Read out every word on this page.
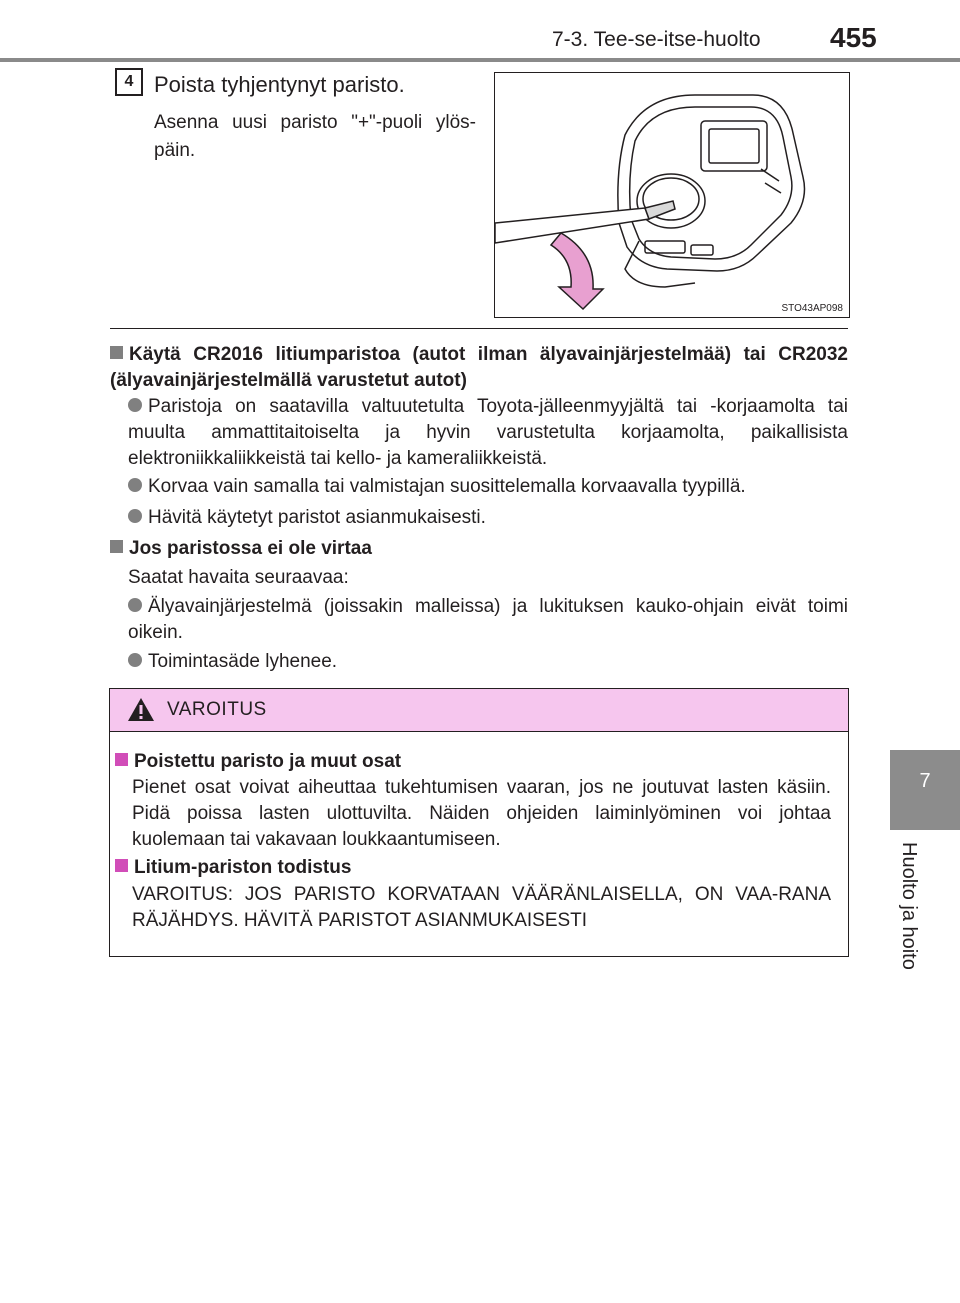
7-3. Tee-se-itse-huolto 455
7
Huolto ja hoito
4 Poista tyhjentynyt paristo.
Asenna uusi paristo "+"-puoli ylös-päin.
STO43AP098
Käytä CR2016 litiumparistoa (autot ilman älyavainjärjestelmää) tai CR2032 (älyavainjärjestelmällä varustetut autot)
Paristoja on saatavilla valtuutetulta Toyota-jälleenmyyjältä tai -korjaamolta tai muulta ammattitaitoiselta ja hyvin varustetulta korjaamolta, paikallisista elektroniikkaliikkeistä tai kello- ja kameraliikkeistä.
Korvaa vain samalla tai valmistajan suosittelemalla korvaavalla tyypillä.
Hävitä käytetyt paristot asianmukaisesti.
Jos paristossa ei ole virtaa
Saatat havaita seuraavaa:
Älyavainjärjestelmä (joissakin malleissa) ja lukituksen kauko-ohjain eivät toimi oikein.
Toimintasäde lyhenee.
VAROITUS
Poistettu paristo ja muut osat
Pienet osat voivat aiheuttaa tukehtumisen vaaran, jos ne joutuvat lasten käsiin. Pidä poissa lasten ulottuvilta. Näiden ohjeiden laiminlyöminen voi johtaa kuolemaan tai vakavaan loukkaantumiseen.
Litium-pariston todistus
VAROITUS: JOS PARISTO KORVATAAN VÄÄRÄNLAISELLA, ON VAA-RANA RÄJÄHDYS. HÄVITÄ PARISTOT ASIANMUKAISESTI
